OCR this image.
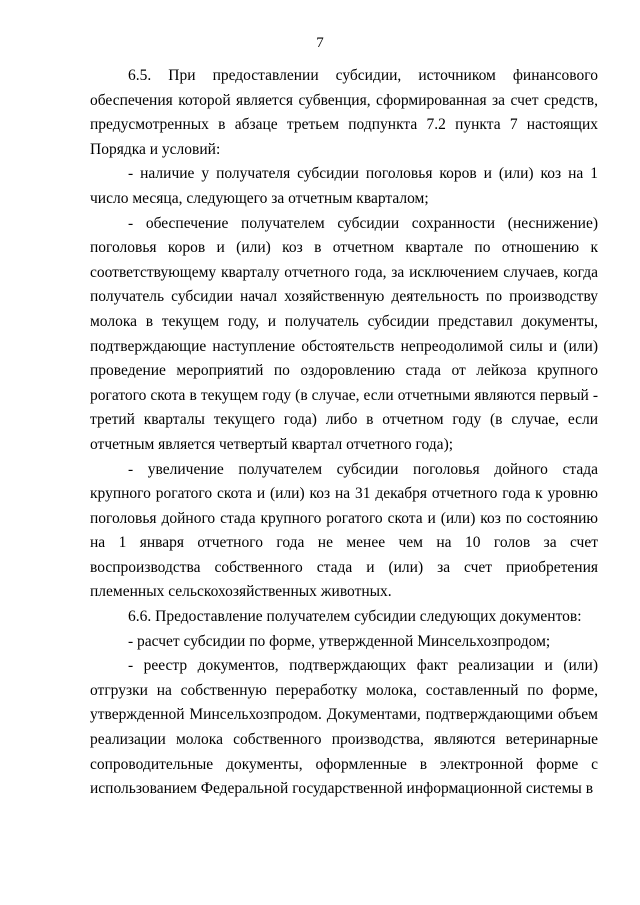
7

6.5. При предоставлении субсидии, источником финансового обеспечения которой является субвенция, сформированная за счет средств, предусмотренных в абзаце третьем подпункта 7.2 пункта 7 настоящих Порядка и условий:

- наличие у получателя субсидии поголовья коров и (или) коз на 1 число месяца, следующего за отчетным кварталом;

- обеспечение получателем субсидии сохранности (неснижение) поголовья коров и (или) коз в отчетном квартале по отношению к соответствующему кварталу отчетного года, за исключением случаев, когда получатель субсидии начал хозяйственную деятельность по производству молока в текущем году, и получатель субсидии представил документы, подтверждающие наступление обстоятельств непреодолимой силы и (или) проведение мероприятий по оздоровлению стада от лейкоза крупного рогатого скота в текущем году (в случае, если отчетными являются первый - третий кварталы текущего года) либо в отчетном году (в случае, если отчетным является четвертый квартал отчетного года);

- увеличение получателем субсидии поголовья дойного стада крупного рогатого скота и (или) коз на 31 декабря отчетного года к уровню поголовья дойного стада крупного рогатого скота и (или) коз по состоянию на 1 января отчетного года не менее чем на 10 голов за счет воспроизводства собственного стада и (или) за счет приобретения племенных сельскохозяйственных животных.

6.6. Предоставление получателем субсидии следующих документов:

- расчет субсидии по форме, утвержденной Минсельхозпродом;

- реестр документов, подтверждающих факт реализации и (или) отгрузки на собственную переработку молока, составленный по форме, утвержденной Минсельхозпродом. Документами, подтверждающими объем реализации молока собственного производства, являются ветеринарные сопроводительные документы, оформленные в электронной форме с использованием Федеральной государственной информационной системы в
